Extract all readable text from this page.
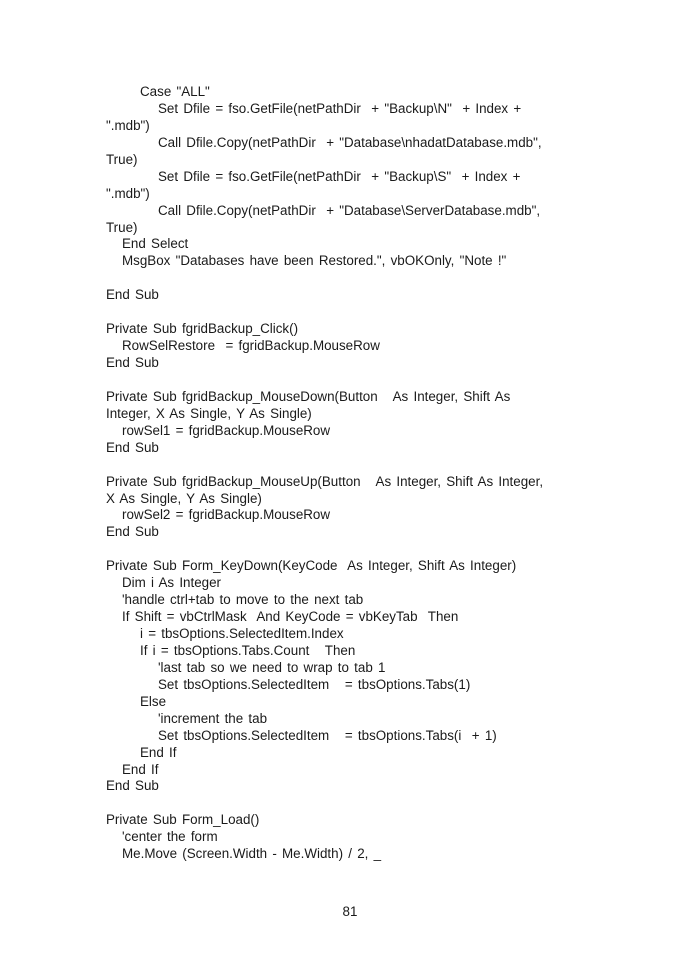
Case "ALL"
Set Dfile = fso.GetFile(netPathDir  + "Backup\N"  + Index +
".mdb")
Call Dfile.Copy(netPathDir  + "Database\nhadatDatabase.mdb",
True)
Set Dfile = fso.GetFile(netPathDir  + "Backup\S"  + Index +
".mdb")
Call Dfile.Copy(netPathDir  + "Database\ServerDatabase.mdb",
True)
End Select
MsgBox "Databases have been Restored.", vbOKOnly, "Note !"
End Sub
Private Sub fgridBackup_Click()
RowSelRestore  = fgridBackup.MouseRow
End Sub
Private Sub fgridBackup_MouseDown(Button   As Integer, Shift As
Integer, X As Single, Y As Single)
rowSel1 = fgridBackup.MouseRow
End Sub
Private Sub fgridBackup_MouseUp(Button   As Integer, Shift As Integer,
X As Single, Y As Single)
rowSel2 = fgridBackup.MouseRow
End Sub
Private Sub Form_KeyDown(KeyCode  As Integer, Shift As Integer)
Dim i As Integer
'handle ctrl+tab to move to the next tab
If Shift = vbCtrlMask  And KeyCode = vbKeyTab  Then
i = tbsOptions.SelectedItem.Index
If i = tbsOptions.Tabs.Count   Then
'last tab so we need to wrap to tab 1
Set tbsOptions.SelectedItem   = tbsOptions.Tabs(1)
Else
'increment the tab
Set tbsOptions.SelectedItem   = tbsOptions.Tabs(i  + 1)
End If
End If
End Sub
Private Sub Form_Load()
'center the form
Me.Move (Screen.Width - Me.Width) / 2, _
81
